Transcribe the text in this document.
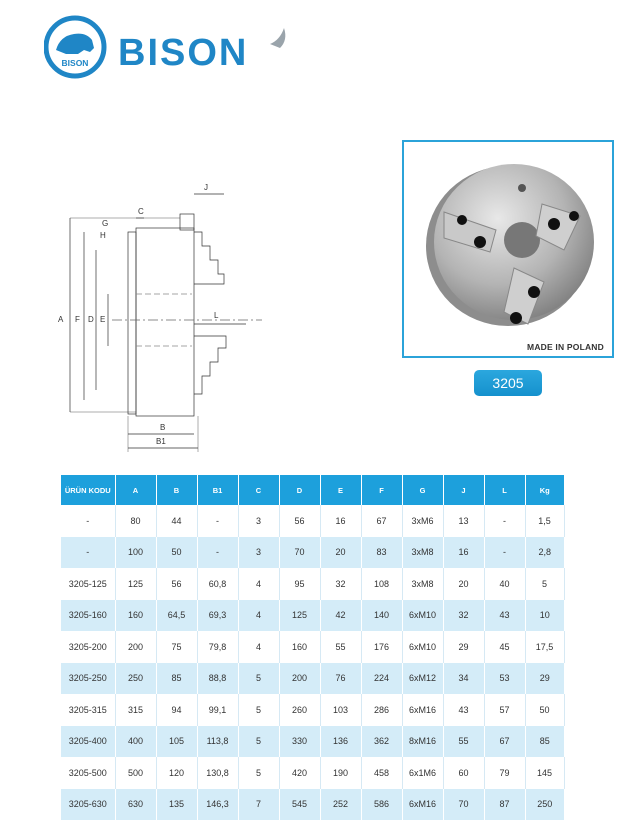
BISON BISON
A F D E
G
H
C
J
L
B
B1
MADE IN POLAND
3205
ÜRÜN KODU	A	B	B1	C	D	E	F	G	J	L	Kg
-	80	44	-	3	56	16	67	3xM6	13	-	1,5
-	100	50	-	3	70	20	83	3xM8	16	-	2,8
3205-125	125	56	60,8	4	95	32	108	3xM8	20	40	5
3205-160	160	64,5	69,3	4	125	42	140	6xM10	32	43	10
3205-200	200	75	79,8	4	160	55	176	6xM10	29	45	17,5
3205-250	250	85	88,8	5	200	76	224	6xM12	34	53	29
3205-315	315	94	99,1	5	260	103	286	6xM16	43	57	50
3205-400	400	105	113,8	5	330	136	362	8xM16	55	67	85
3205-500	500	120	130,8	5	420	190	458	6x1M6	60	79	145
3205-630	630	135	146,3	7	545	252	586	6xM16	70	87	250
